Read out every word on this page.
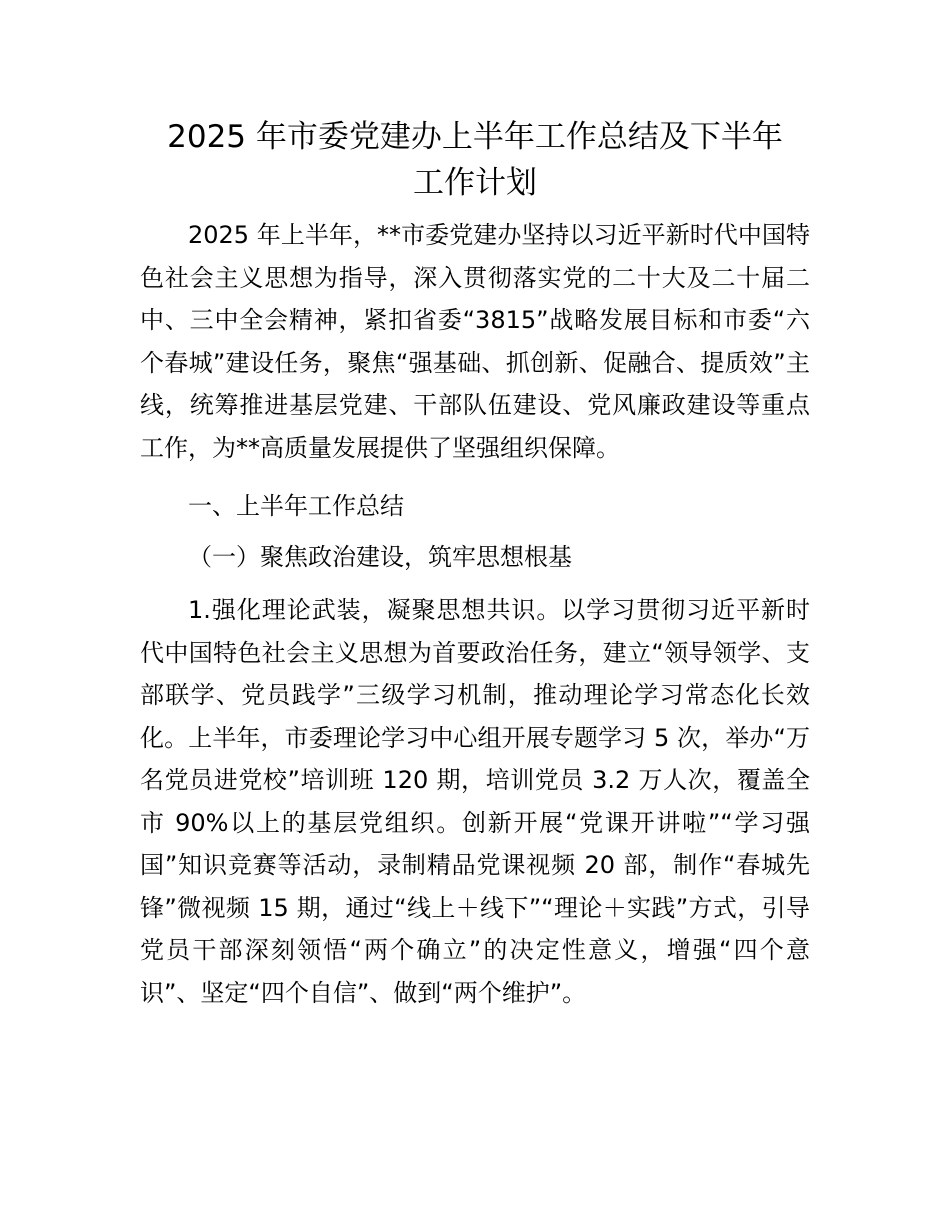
2025 年市委党建办上半年工作总结及下半年
工作计划

2025 年上半年，**市委党建办坚持以习近平新时代中国特色社会主义思想为指导，深入贯彻落实党的二十大及二十届二中、三中全会精神，紧扣省委“3815”战略发展目标和市委“六个春城”建设任务，聚焦“强基础、抓创新、促融合、提质效”主线，统筹推进基层党建、干部队伍建设、党风廉政建设等重点工作，为**高质量发展提供了坚强组织保障。

一、上半年工作总结

（一）聚焦政治建设，筑牢思想根基

1.强化理论武装，凝聚思想共识。以学习贯彻习近平新时代中国特色社会主义思想为首要政治任务，建立“领导领学、支部联学、党员践学”三级学习机制，推动理论学习常态化长效化。上半年，市委理论学习中心组开展专题学习 5 次，举办“万名党员进党校”培训班 120 期，培训党员 3.2 万人次，覆盖全市 90%以上的基层党组织。创新开展“党课开讲啦”“学习强国”知识竞赛等活动，录制精品党课视频 20 部，制作“春城先锋”微视频 15 期，通过“线上＋线下”“理论＋实践”方式，引导党员干部深刻领悟“两个确立”的决定性意义，增强“四个意识”、坚定“四个自信”、做到“两个维护”。
